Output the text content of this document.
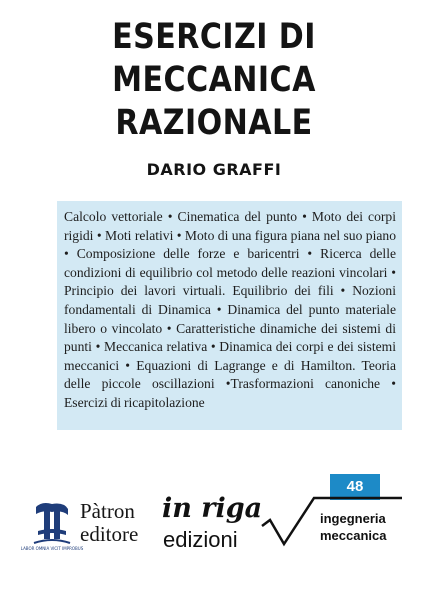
ESERCIZI DI
MECCANICA
RAZIONALE
DARIO GRAFFI

Calcolo vettoriale • Cinematica del punto • Moto dei corpi rigidi • Moti relativi • Moto di una figura piana nel suo piano • Composizione delle forze e baricentri • Ricerca delle condizioni di equilibrio col metodo delle reazioni vincolari • Principio dei lavori virtuali. Equilibrio dei fili • Nozioni fondamentali di Dinamica • Dinamica del punto materiale libero o vincolato • Caratteristiche dinamiche dei sistemi di punti • Meccanica relativa • Dinamica dei corpi e dei sistemi meccanici • Equazioni di Lagrange e di Hamilton. Teoria delle piccole oscillazioni •Trasformazioni canoniche • Esercizi di ricapitolazione

48
LABOR OMNIA VICIT IMPROBUS
Pàtron
editore
in riga
edizioni
ingegneria
meccanica
